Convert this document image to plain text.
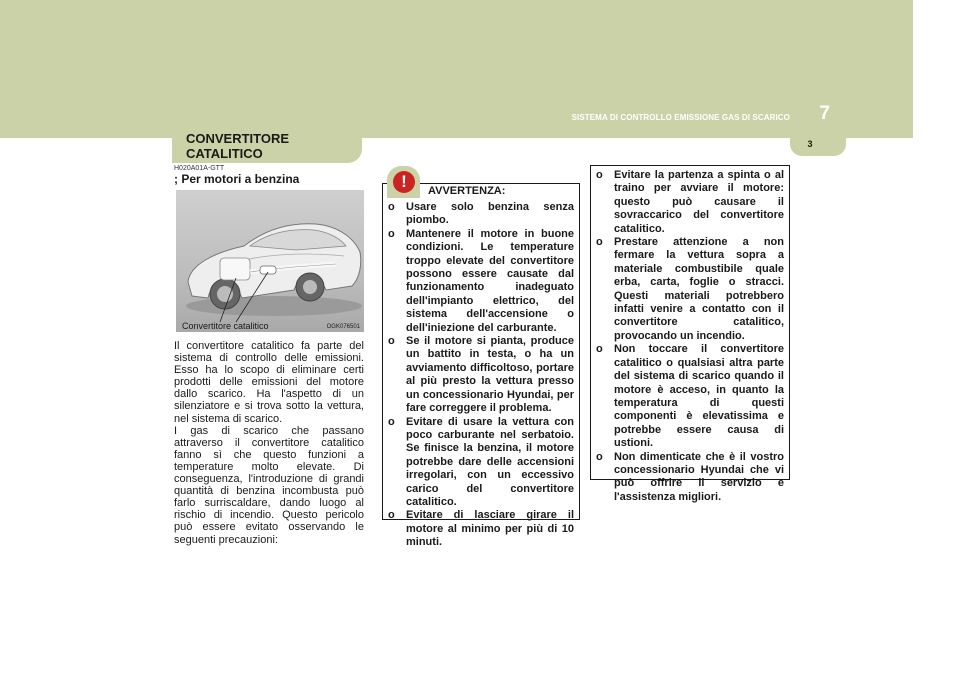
SISTEMA DI CONTROLLO EMISSIONE GAS DI SCARICO 7
3
CONVERTITORE CATALITICO
H020A01A-GTT
; Per motori a benzina
Convertitore catalitico	OGK076501

Il convertitore catalitico fa parte del sistema di controllo delle emissioni. Esso ha lo scopo di eliminare certi prodotti delle emissioni del motore dallo scarico. Ha l'aspetto di un silenziatore e si trova sotto la vettura, nel sistema di scarico.

I gas di scarico che passano attraverso il convertitore catalitico fanno sì che questo funzioni a temperature molto elevate. Di conseguenza, l'introduzione di grandi quantità di benzina incombusta può farlo surriscaldare, dando luogo al rischio di incendio. Questo pericolo può essere evitato osservando le seguenti precauzioni:

!	AVVERTENZA:
o Usare solo benzina senza piombo.
o Mantenere il motore in buone condizioni. Le temperature troppo elevate del convertitore possono essere causate dal funzionamento inadeguato dell'impianto elettrico, del sistema dell'accensione o dell'iniezione del carburante.
o Se il motore si pianta, produce un battito in testa, o ha un avviamento difficoltoso, portare al più presto la vettura presso un concessionario Hyundai, per fare correggere il problema.
o Evitare di usare la vettura con poco carburante nel serbatoio. Se finisce la benzina, il motore potrebbe dare delle accensioni irregolari, con un eccessivo carico del convertitore catalitico.
o Evitare di lasciare girare il motore al minimo per più di 10 minuti.
o Evitare la partenza a spinta o al traino per avviare il motore: questo può causare il sovraccarico del convertitore catalitico.
o Prestare attenzione a non fermare la vettura sopra a materiale combustibile quale erba, carta, foglie o stracci. Questi materiali potrebbero infatti venire a contatto con il convertitore catalitico, provocando un incendio.
o Non toccare il convertitore catalitico o qualsiasi altra parte del sistema di scarico quando il motore è acceso, in quanto la temperatura di questi componenti è elevatissima e potrebbe essere causa di ustioni.
o Non dimenticate che è il vostro concessionario Hyundai che vi può offrire il servizio e l'assistenza migliori.
